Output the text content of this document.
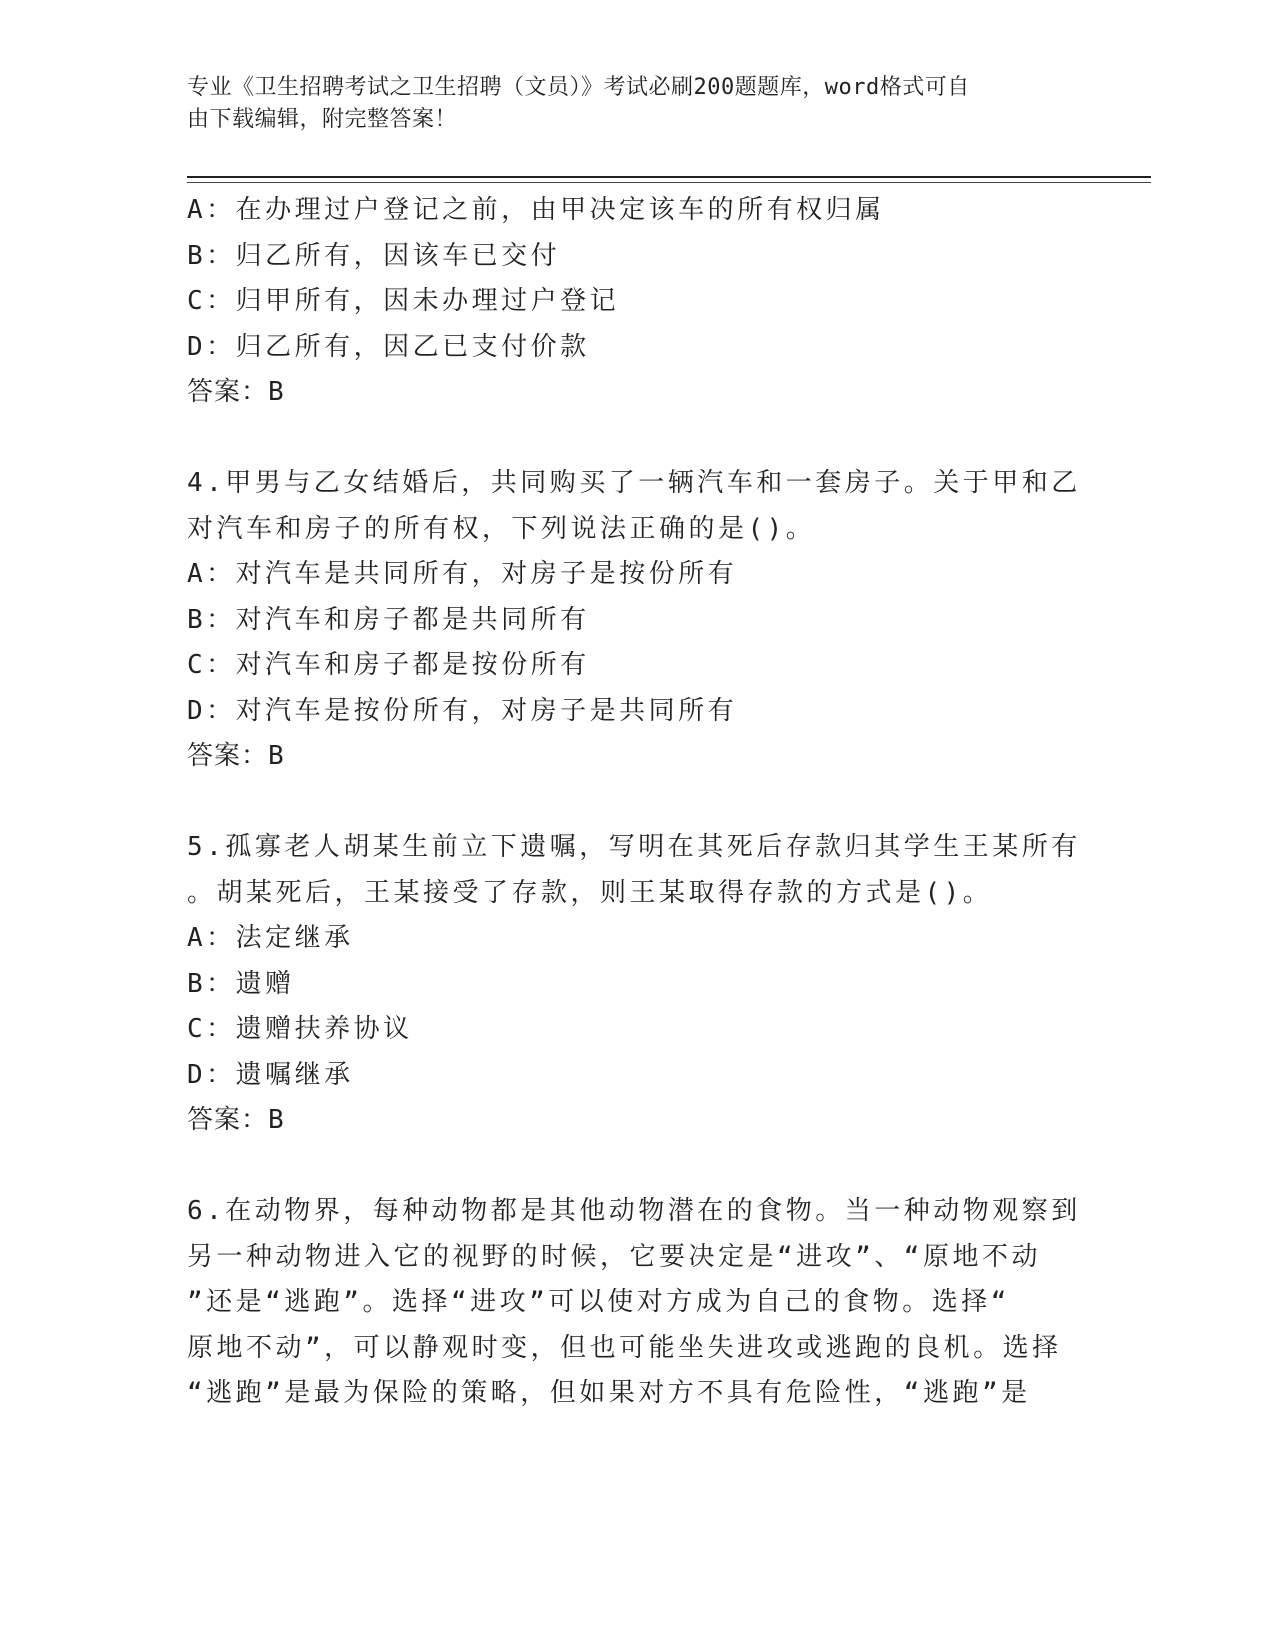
专业《卫生招聘考试之卫生招聘（文员）》考试必刷200题题库，word格式可自
由下载编辑，附完整答案！
A：在办理过户登记之前，由甲决定该车的所有权归属
B：归乙所有，因该车已交付
C：归甲所有，因未办理过户登记
D：归乙所有，因乙已支付价款
答案：B
4.甲男与乙女结婚后，共同购买了一辆汽车和一套房子。关于甲和乙
对汽车和房子的所有权，下列说法正确的是()。
A：对汽车是共同所有，对房子是按份所有
B：对汽车和房子都是共同所有
C：对汽车和房子都是按份所有
D：对汽车是按份所有，对房子是共同所有
答案：B
5.孤寡老人胡某生前立下遗嘱，写明在其死后存款归其学生王某所有
。胡某死后，王某接受了存款，则王某取得存款的方式是()。
A：法定继承
B：遗赠
C：遗赠扶养协议
D：遗嘱继承
答案：B
6.在动物界，每种动物都是其他动物潜在的食物。当一种动物观察到
另一种动物进入它的视野的时候，它要决定是“进攻”、“原地不动
”还是“逃跑”。选择“进攻”可以使对方成为自己的食物。选择“
原地不动”，可以静观时变，但也可能坐失进攻或逃跑的良机。选择
“逃跑”是最为保险的策略，但如果对方不具有危险性，“逃跑”是
